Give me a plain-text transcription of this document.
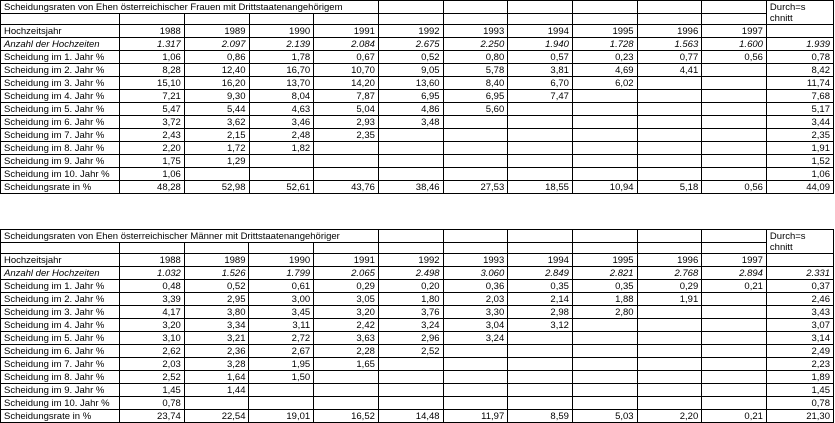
Scheidungsraten von Ehen österreichischer Frauen mit Drittstaatenangehörigem											Durch=s
chnitt

Hochzeitsjahr	1988	1989	1990	1991	1992	1993	1994	1995	1996	1997	
Anzahl der Hochzeiten	1.317	2.097	2.139	2.084	2.675	2.250	1.940	1.728	1.563	1.600	1.939
Scheidung im 1. Jahr %	1,06	0,86	1,78	0,67	0,52	0,80	0,57	0,23	0,77	0,56	0,78
Scheidung im 2. Jahr %	8,28	12,40	16,70	10,70	9,05	5,78	3,81	4,69	4,41		8,42
Scheidung im 3. Jahr %	15,10	16,20	13,70	14,20	13,60	8,40	6,70	6,02			11,74
Scheidung im 4. Jahr %	7,21	9,30	8,04	7,87	6,95	6,95	7,47				7,68
Scheidung im 5. Jahr %	5,47	5,44	4,63	5,04	4,86	5,60					5,17
Scheidung im 6. Jahr %	3,72	3,62	3,46	2,93	3,48						3,44
Scheidung im 7. Jahr %	2,43	2,15	2,48	2,35							2,35
Scheidung im 8. Jahr %	2,20	1,72	1,82								1,91
Scheidung im 9. Jahr %	1,75	1,29									1,52
Scheidung im 10. Jahr %	1,06										1,06
Scheidungsrate in %	48,28	52,98	52,61	43,76	38,46	27,53	18,55	10,94	5,18	0,56	44,09
Scheidungsraten von Ehen österreichischer Männer mit Drittstaatenangehöriger											Durch=s
chnitt

Hochzeitsjahr	1988	1989	1990	1991	1992	1993	1994	1995	1996	1997	
Anzahl der Hochzeiten	1.032	1.526	1.799	2.065	2.498	3.060	2.849	2.821	2.768	2.894	2.331
Scheidung im 1. Jahr %	0,48	0,52	0,61	0,29	0,20	0,36	0,35	0,35	0,29	0,21	0,37
Scheidung im 2. Jahr %	3,39	2,95	3,00	3,05	1,80	2,03	2,14	1,88	1,91		2,46
Scheidung im 3. Jahr %	4,17	3,80	3,45	3,20	3,76	3,30	2,98	2,80			3,43
Scheidung im 4. Jahr %	3,20	3,34	3,11	2,42	3,24	3,04	3,12				3,07
Scheidung im 5. Jahr %	3,10	3,21	2,72	3,63	2,96	3,24					3,14
Scheidung im 6. Jahr %	2,62	2,36	2,67	2,28	2,52						2,49
Scheidung im 7. Jahr %	2,03	3,28	1,95	1,65							2,23
Scheidung im 8. Jahr %	2,52	1,64	1,50								1,89
Scheidung im 9. Jahr %	1,45	1,44									1,45
Scheidung im 10. Jahr %	0,78										0,78
Scheidungsrate in %	23,74	22,54	19,01	16,52	14,48	11,97	8,59	5,03	2,20	0,21	21,30
